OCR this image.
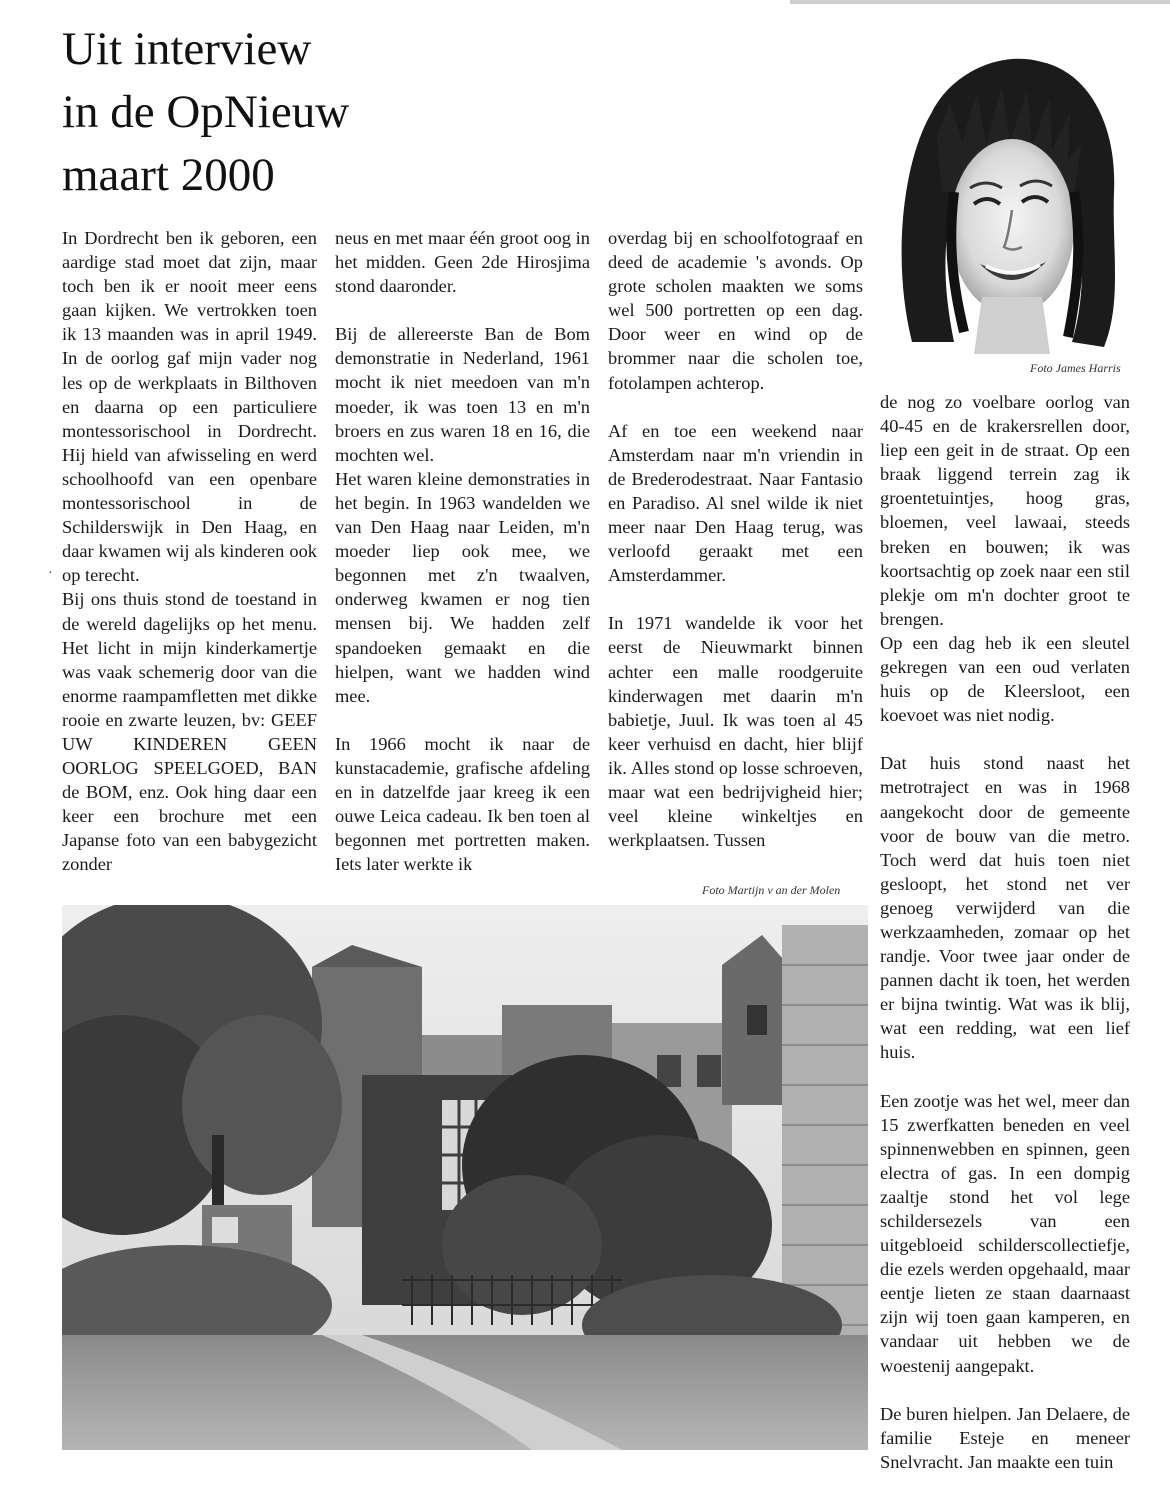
Uit interview
in de OpNieuw
maart 2000
Foto James Harris

In Dordrecht ben ik geboren, een aardige stad moet dat zijn, maar toch ben ik er nooit meer eens gaan kijken. We vertrokken toen ik 13 maanden was in april 1949. In de oorlog gaf mijn vader nog les op de werkplaats in Bilthoven en daarna op een particuliere montessorischool in Dordrecht. Hij hield van afwisseling en werd schoolhoofd van een openbare montessorischool in de Schilderswijk in Den Haag, en daar kwamen wij als kinderen ook op terecht.

Bij ons thuis stond de toestand in de wereld dagelijks op het menu. Het licht in mijn kinderkamertje was vaak schemerig door van die enorme raampamfletten met dikke rooie en zwarte leuzen, bv: GEEF UW KINDEREN GEEN OORLOG SPEELGOED, BAN de BOM, enz. Ook hing daar een keer een brochure met een Japanse foto van een babygezicht zonder

·

neus en met maar één groot oog in het midden. Geen 2de Hirosjima stond daaronder.

Bij de allereerste Ban de Bom demonstratie in Nederland, 1961 mocht ik niet meedoen van m'n moeder, ik was toen 13 en m'n broers en zus waren 18 en 16, die mochten wel.

Het waren kleine demonstraties in het begin. In 1963 wandelden we van Den Haag naar Leiden, m'n moeder liep ook mee, we begonnen met z'n twaalven, onderweg kwamen er nog tien mensen bij. We hadden zelf spandoeken gemaakt en die hielpen, want we hadden wind mee.

In 1966 mocht ik naar de kunstacademie, grafische afdeling en in datzelfde jaar kreeg ik een ouwe Leica cadeau. Ik ben toen al begonnen met portretten maken. Iets later werkte ik

overdag bij en schoolfotograaf en deed de academie 's avonds. Op grote scholen maakten we soms wel 500 portretten op een dag. Door weer en wind op de brommer naar die scholen toe, fotolampen achterop.

Af en toe een weekend naar Amsterdam naar m'n vriendin in de Brederodestraat. Naar Fantasio en Paradiso. Al snel wilde ik niet meer naar Den Haag terug, was verloofd geraakt met een Amsterdammer.

In 1971 wandelde ik voor het eerst de Nieuwmarkt binnen achter een malle roodgeruite kinderwagen met daarin m'n babietje, Juul. Ik was toen al 45 keer verhuisd en dacht, hier blijf ik. Alles stond op losse schroeven, maar wat een bedrijvigheid hier; veel kleine winkeltjes en werkplaatsen. Tussen

de nog zo voelbare oorlog van 40-45 en de krakersrellen door, liep een geit in de straat. Op een braak liggend terrein zag ik groentetuintjes, hoog gras, bloemen, veel lawaai, steeds breken en bouwen; ik was koortsachtig op zoek naar een stil plekje om m'n dochter groot te brengen.

Op een dag heb ik een sleutel gekregen van een oud verlaten huis op de Kleersloot, een koevoet was niet nodig.

Dat huis stond naast het metrotraject en was in 1968 aangekocht door de gemeente voor de bouw van die metro. Toch werd dat huis toen niet gesloopt, het stond net ver genoeg verwijderd van die werkzaamheden, zomaar op het randje. Voor twee jaar onder de pannen dacht ik toen, het werden er bijna twintig. Wat was ik blij, wat een redding, wat een lief huis.

Een zootje was het wel, meer dan 15 zwerfkatten beneden en veel spinnenwebben en spinnen, geen electra of gas. In een dompig zaaltje stond het vol lege schildersezels van een uitgebloeid schilderscollectiefje, die ezels werden opgehaald, maar eentje lieten ze staan daarnaast zijn wij toen gaan kamperen, en vandaar uit hebben we de woestenij aangepakt.

De buren hielpen. Jan Delaere, de familie Esteje en meneer Snelvracht. Jan maakte een tuin

Foto Martijn v an der Molen
